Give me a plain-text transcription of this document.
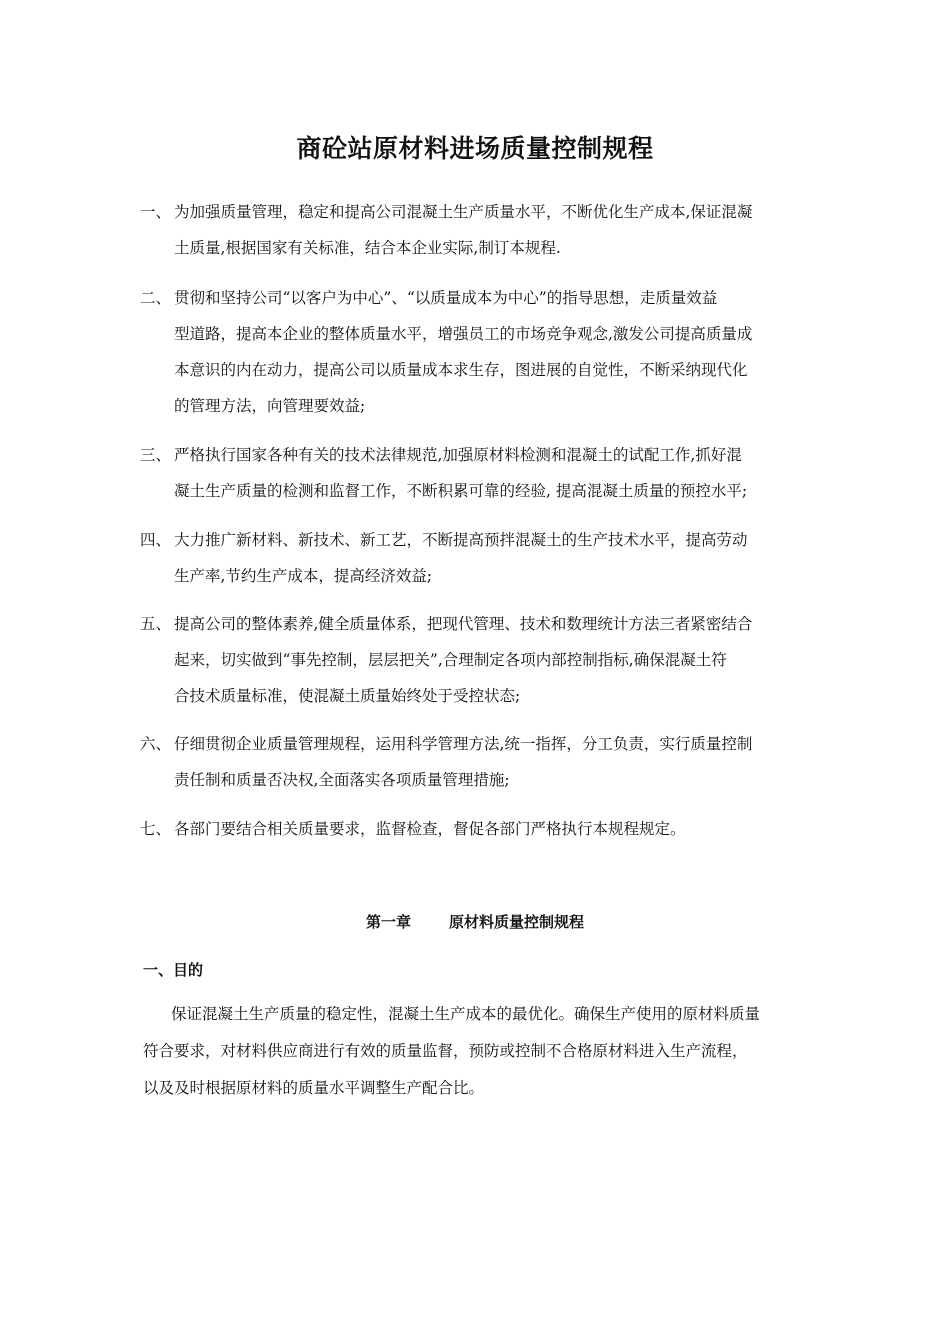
商砼站原材料进场质量控制规程
一、 为加强质量管理，稳定和提高公司混凝土生产质量水平，不断优化生产成本,保证混凝
土质量,根据国家有关标准，结合本企业实际,制订本规程.
二、 贯彻和坚持公司“以客户为中心”、“以质量成本为中心”的指导思想，走质量效益
型道路，提高本企业的整体质量水平，增强员工的市场竞争观念,激发公司提高质量成
本意识的内在动力，提高公司以质量成本求生存，图进展的自觉性，不断采纳现代化
的管理方法，向管理要效益;
三、 严格执行国家各种有关的技术法律规范,加强原材料检测和混凝土的试配工作,抓好混
凝土生产质量的检测和监督工作，不断积累可靠的经验, 提高混凝土质量的预控水平;
四、 大力推广新材料、新技术、新工艺，不断提高预拌混凝土的生产技术水平，提高劳动
生产率,节约生产成本，提高经济效益;
五、 提高公司的整体素养,健全质量体系，把现代管理、技术和数理统计方法三者紧密结合
起来，切实做到“事先控制，层层把关”,合理制定各项内部控制指标,确保混凝土符
合技术质量标准，使混凝土质量始终处于受控状态;
六、 仔细贯彻企业质量管理规程，运用科学管理方法,统一指挥，分工负责，实行质量控制
责任制和质量否决权,全面落实各项质量管理措施;
七、 各部门要结合相关质量要求，监督检查，督促各部门严格执行本规程规定。
第一章	原材料质量控制规程
一、目的
保证混凝土生产质量的稳定性，混凝土生产成本的最优化。确保生产使用的原材料质量
符合要求，对材料供应商进行有效的质量监督，预防或控制不合格原材料进入生产流程，
以及及时根据原材料的质量水平调整生产配合比。
